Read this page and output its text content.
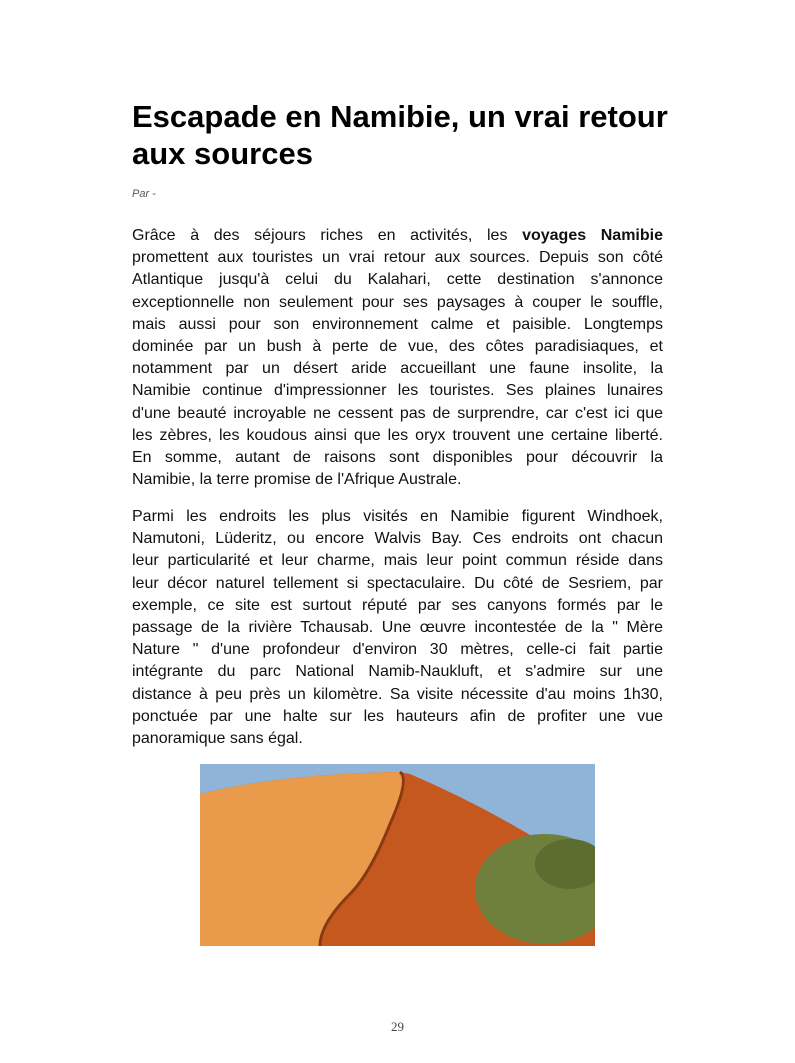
Escapade en Namibie, un vrai retour
aux sources
Par -
Grâce à des séjours riches en activités, les voyages Namibie
promettent aux touristes un vrai retour aux sources. Depuis son côté
Atlantique jusqu'à celui du Kalahari, cette destination s'annonce
exceptionnelle non seulement pour ses paysages à couper le souffle,
mais aussi pour son environnement calme et paisible. Longtemps
dominée par un bush à perte de vue, des côtes paradisiaques, et
notamment par un désert aride accueillant une faune insolite, la
Namibie continue d'impressionner les touristes. Ses plaines lunaires
d'une beauté incroyable ne cessent pas de surprendre, car c'est ici que
les zèbres, les koudous ainsi que les oryx trouvent une certaine liberté.
En somme, autant de raisons sont disponibles pour découvrir la
Namibie, la terre promise de l'Afrique Australe.
Parmi les endroits les plus visités en Namibie figurent Windhoek,
Namutoni, Lüderitz, ou encore Walvis Bay. Ces endroits ont chacun
leur particularité et leur charme, mais leur point commun réside dans
leur décor naturel tellement si spectaculaire. Du côté de Sesriem, par
exemple, ce site est surtout réputé par ses canyons formés par le
passage de la rivière Tchausab. Une œuvre incontestée de la " Mère
Nature " d'une profondeur d'environ 30 mètres, celle-ci fait partie
intégrante du parc National Namib-Naukluft, et s'admire sur une
distance à peu près un kilomètre. Sa visite nécessite d'au moins 1h30,
ponctuée par une halte sur les hauteurs afin de profiter une vue
panoramique sans égal.
29
